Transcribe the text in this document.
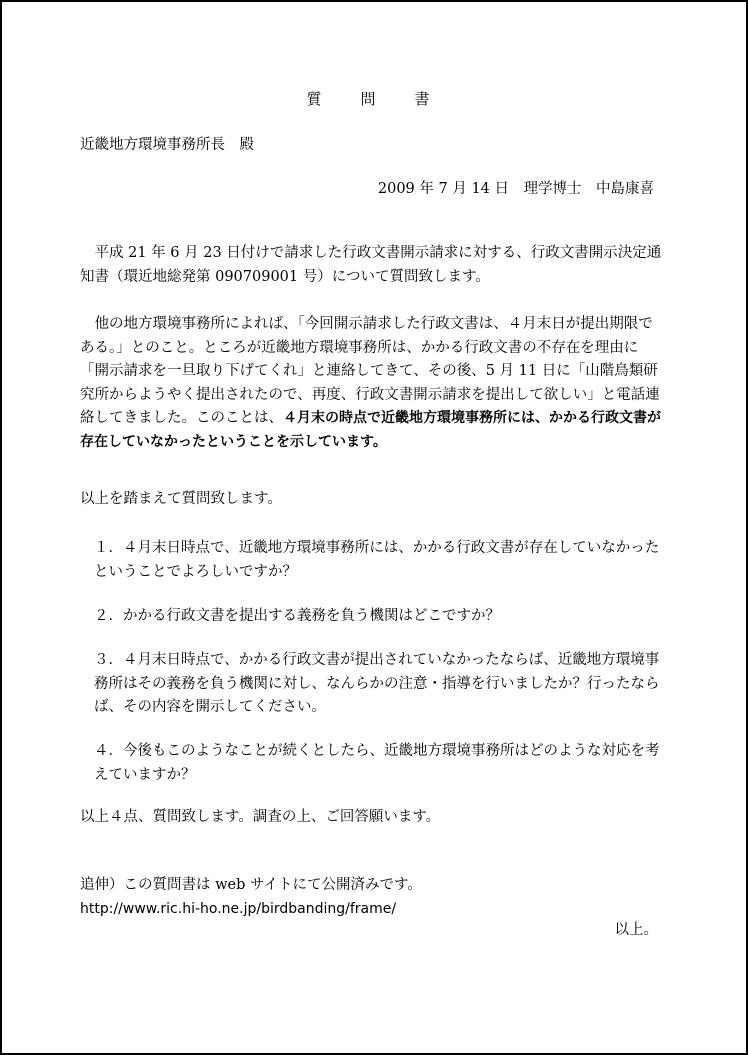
質　問　書

近畿地方環境事務所長　殿

2009 年 7 月 14 日　理学博士　中島康喜

　平成 21 年 6 月 23 日付けで請求した行政文書開示請求に対する、行政文書開示決定通知書（環近地総発第 090709001 号）について質問致します。

　他の地方環境事務所によれば、「今回開示請求した行政文書は、４月末日が提出期限である。」とのこと。ところが近畿地方環境事務所は、かかる行政文書の不存在を理由に「開示請求を一旦取り下げてくれ」と連絡してきて、その後、5 月 11 日に「山階鳥類研究所からようやく提出されたので、再度、行政文書開示請求を提出して欲しい」と電話連絡してきました。このことは、４月末の時点で近畿地方環境事務所には、かかる行政文書が存在していなかったということを示しています。

以上を踏まえて質問致します。

１．４月末日時点で、近畿地方環境事務所には、かかる行政文書が存在していなかったということでよろしいですか？

２．かかる行政文書を提出する義務を負う機関はどこですか？

３．４月末日時点で、かかる行政文書が提出されていなかったならば、近畿地方環境事務所はその義務を負う機関に対し、なんらかの注意・指導を行いましたか？行ったならば、その内容を開示してください。

４．今後もこのようなことが続くとしたら、近畿地方環境事務所はどのような対応を考えていますか？

以上４点、質問致します。調査の上、ご回答願います。

追伸）この質問書は web サイトにて公開済みです。

http://www.ric.hi-ho.ne.jp/birdbanding/frame/

以上。
